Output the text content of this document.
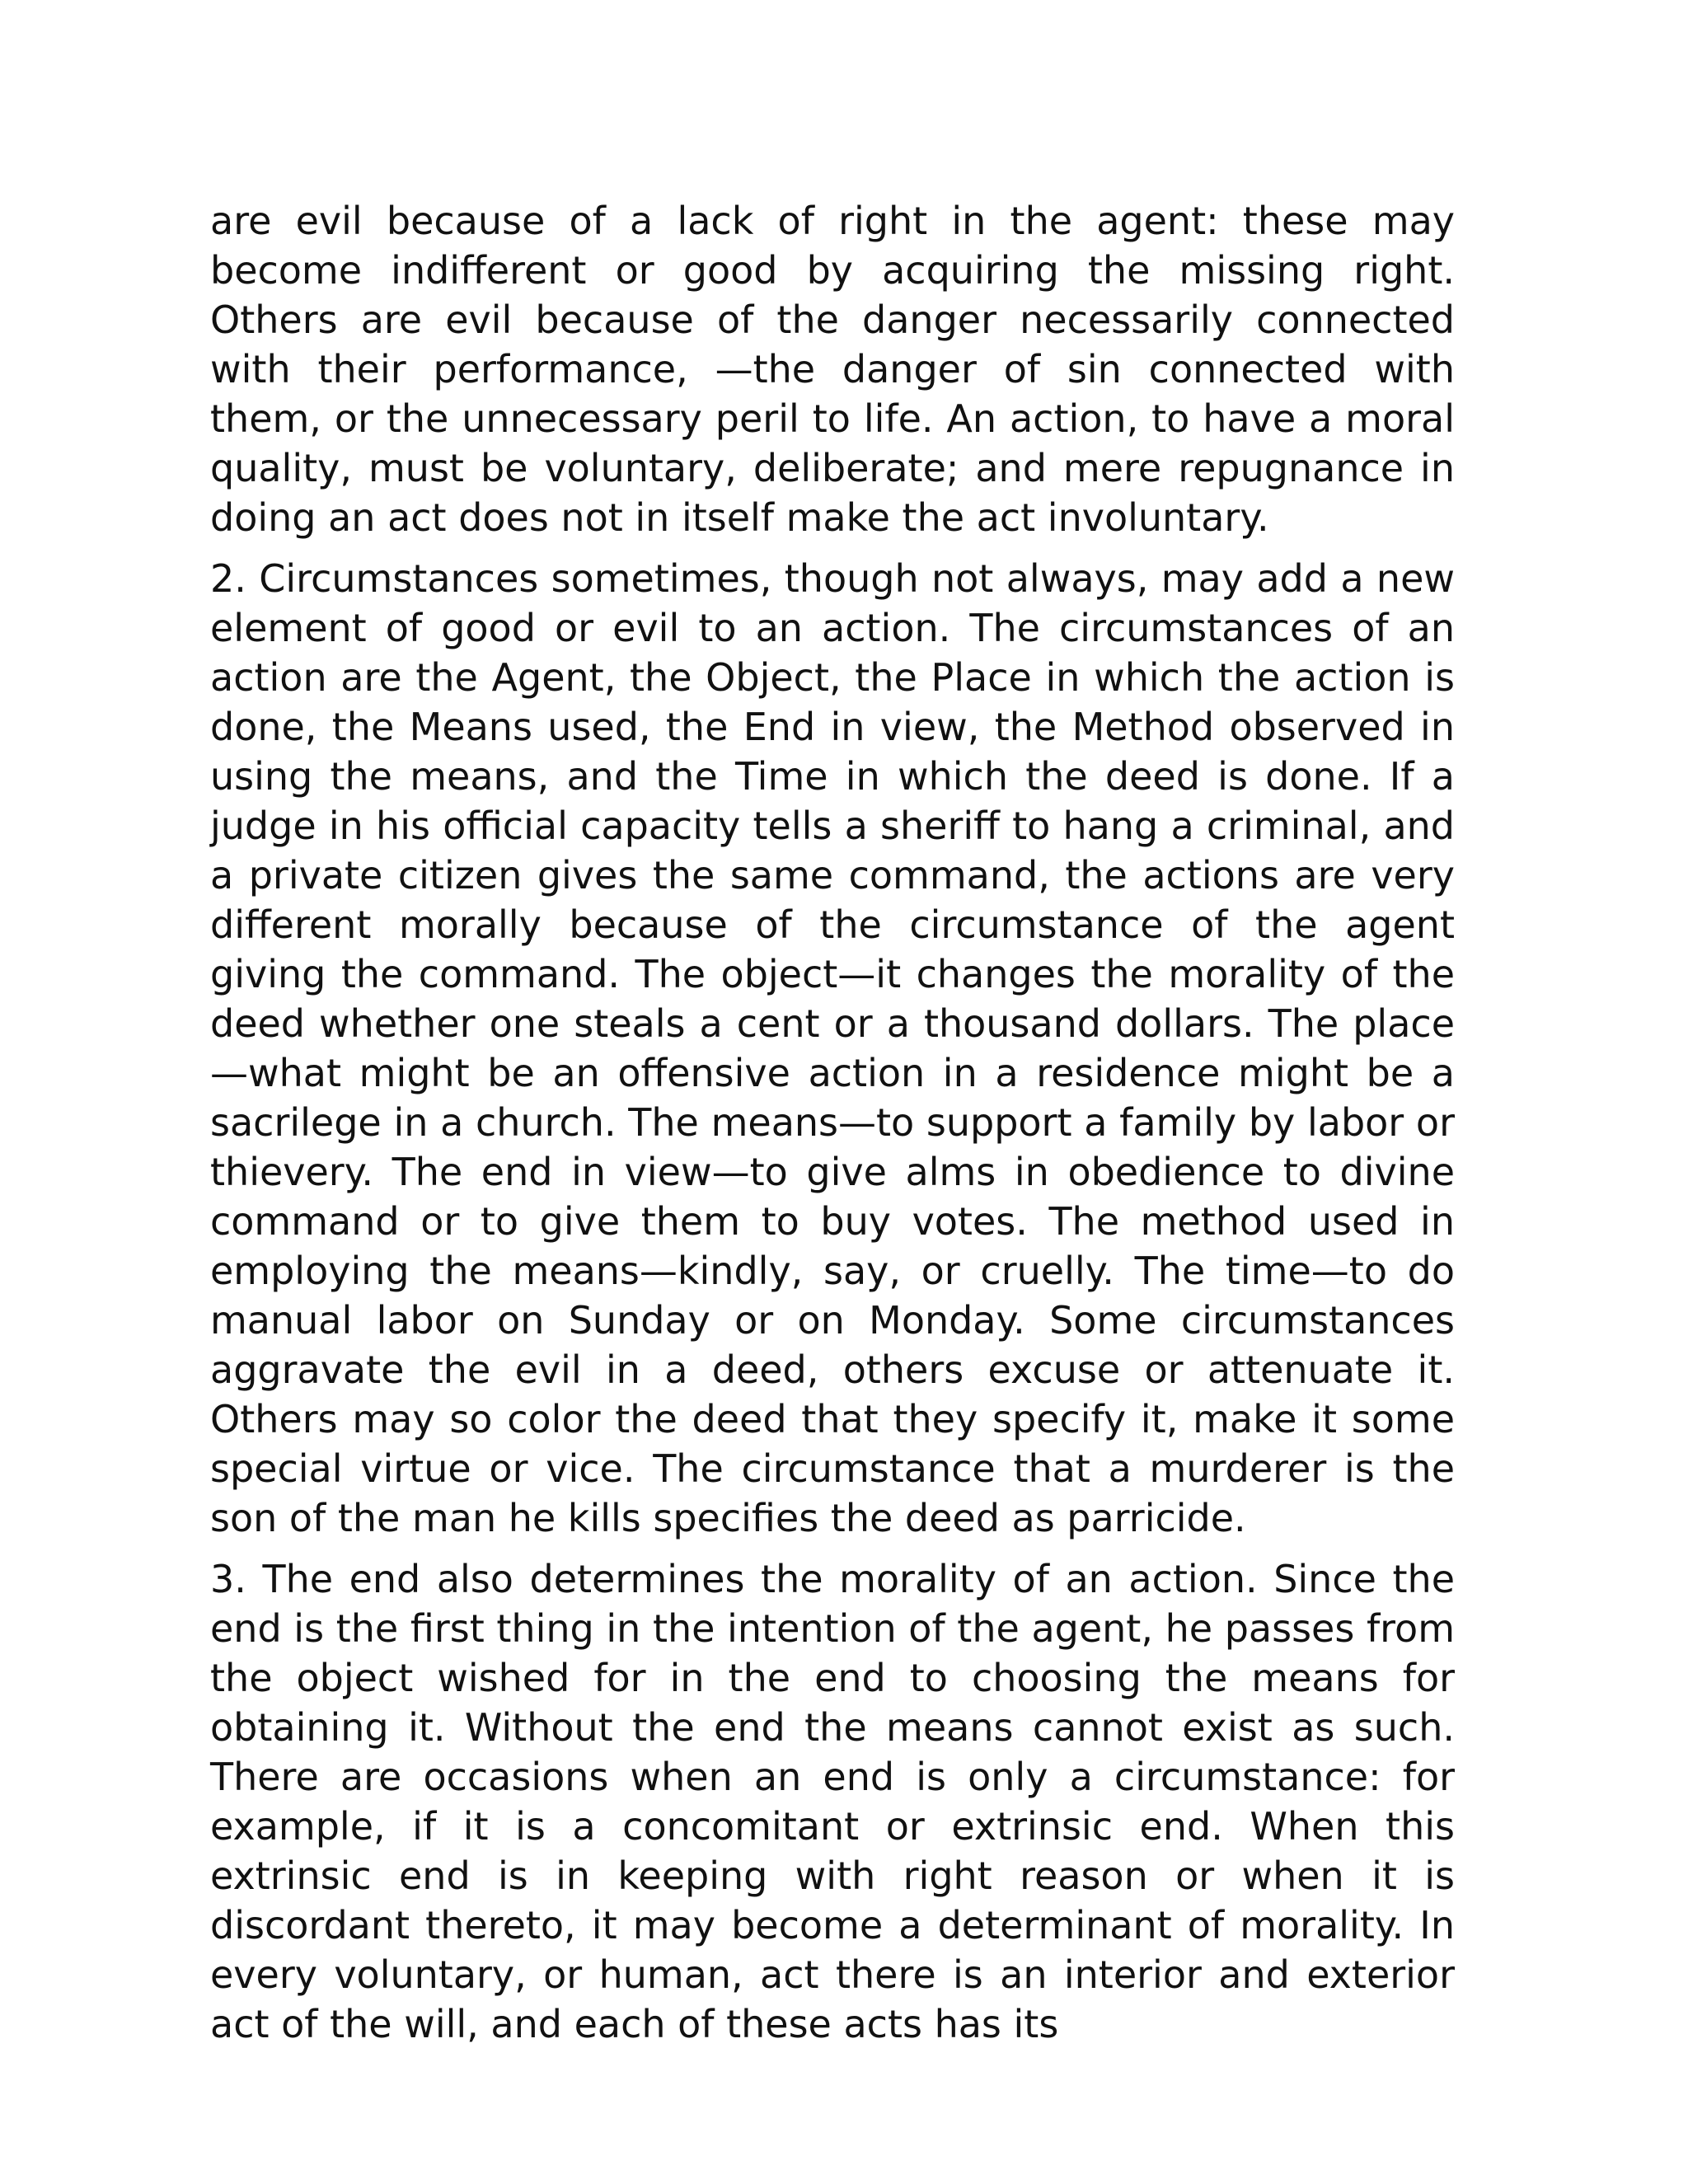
are evil because of a lack of right in the agent: these may become indifferent or good by acquiring the missing right. Others are evil because of the danger necessarily connected with their performance, —the danger of sin connected with them, or the unnecessary peril to life. An action, to have a moral quality, must be voluntary, deliberate; and mere repugnance in doing an act does not in itself make the act involuntary.

2. Circumstances sometimes, though not always, may add a new element of good or evil to an action. The circumstances of an action are the Agent, the Object, the Place in which the action is done, the Means used, the End in view, the Method observed in using the means, and the Time in which the deed is done. If a judge in his official capacity tells a sheriff to hang a criminal, and a private citizen gives the same command, the actions are very different morally because of the circumstance of the agent giving the command. The object—it changes the morality of the deed whether one steals a cent or a thousand dollars. The place—what might be an offensive action in a residence might be a sacrilege in a church. The means—to support a family by labor or thievery. The end in view—to give alms in obedience to divine command or to give them to buy votes. The method used in employing the means—kindly, say, or cruelly. The time—to do manual labor on Sunday or on Monday. Some circumstances aggravate the evil in a deed, others excuse or attenuate it. Others may so color the deed that they specify it, make it some special virtue or vice. The circumstance that a murderer is the son of the man he kills specifies the deed as parricide.

3. The end also determines the morality of an action. Since the end is the first thing in the intention of the agent, he passes from the object wished for in the end to choosing the means for obtaining it. Without the end the means cannot exist as such. There are occasions when an end is only a circumstance: for example, if it is a concomitant or extrinsic end. When this extrinsic end is in keeping with right reason or when it is discordant thereto, it may become a determinant of morality. In every voluntary, or human, act there is an interior and exterior act of the will, and each of these acts has its
